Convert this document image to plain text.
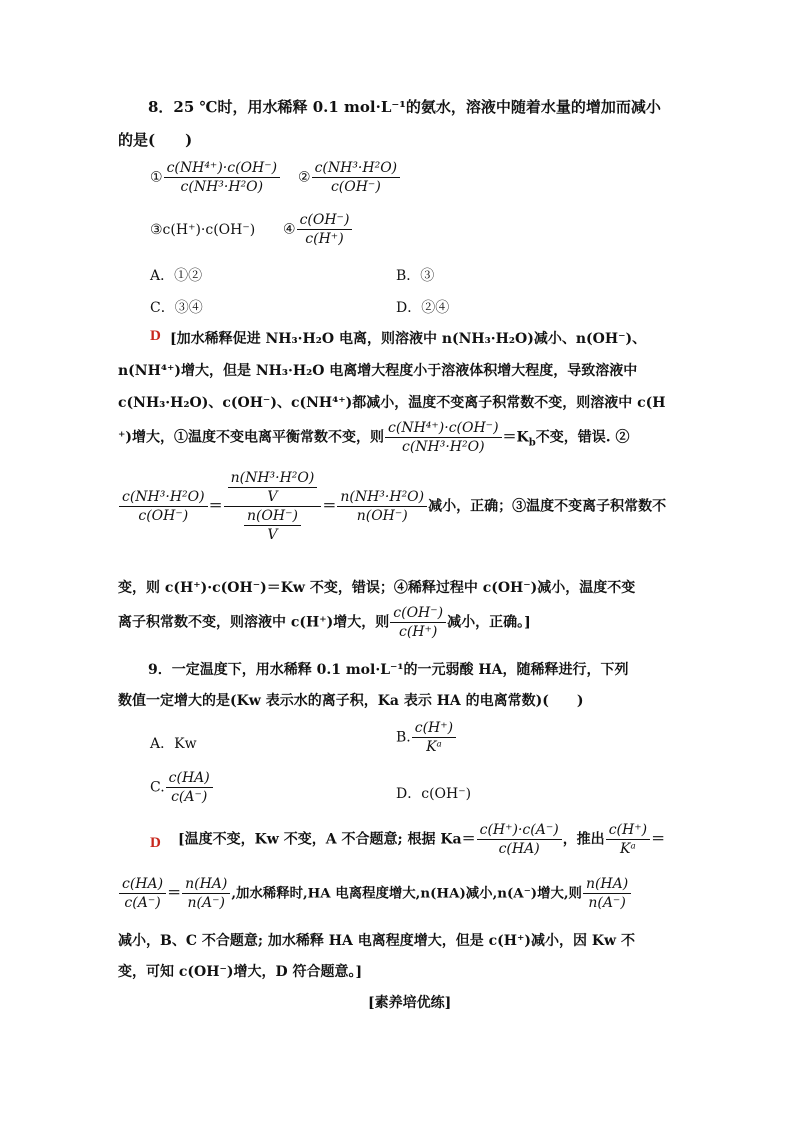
8．25 ℃时，用水稀释 0.1 mol·L⁻¹的氨水，溶液中随着水量的增加而减小
的是(　　)
① $\frac{\text{c(NH⁴⁺)·c(OH⁻)}}{\text{c(NH³·H²O)}}$ ② $\frac{\text{c(NH³·H²O)}}{c(OH^-)}$
③c(H⁺)·c(OH⁻) ④ $\frac{c(OH^-)}{c(H^+)}$
A．①②	B．③
C．③④	D．②④
D [加水稀释促进 NH₃·H₂O 电离，则溶液中 n(NH₃·H₂O)减小、n(OH⁻)、
n(NH⁴⁺)增大，但是 NH₃·H₂O 电离增大程度小于溶液体积增大程度，导致溶液中
c(NH₃·H₂O)、c(OH⁻)、c(NH⁴⁺)都减小，温度不变离子积常数不变，则溶液中 c(H
⁺)增大，①温度不变电离平衡常数不变，则 $\frac{\text{c(NH⁴⁺)·c(OH⁻)}}{\text{c(NH³·H²O)}} =K_b$不变，错误. ②
$\frac{\text{c(NH³·H²O)}}{c(OH^-)} = \frac{\frac{\text{n(NH³·H²O)}}{V}}{\frac{n(OH^-)}{V}} = \frac{\text{n(NH³·H²O)}}{n(OH^-)}$ 减小，正确；③温度不变离子积常数不
变，则 c(H⁺)·c(OH⁻)＝Kw 不变，错误；④稀释过程中 c(OH⁻)减小，温度不变
离子积常数不变，则溶液中 c(H⁺)增大，则 $\frac{c(OH^-)}{c(H^+)}$ 减小，正确。]
9．一定温度下，用水稀释 0.1 mol·L⁻¹的一元弱酸 HA，随稀释进行，下列
数值一定增大的是(Kw 表示水的离子积，Ka 表示 HA 的电离常数)(　　)
A．Kw	B. $\frac{c(H^+)}{\text{Kᵃ}}$
C. $\frac{c(HA)}{c(A^-)}$	D．c(OH⁻)
D [温度不变，Kw 不变，A 不合题意; 根据 $Ka= \frac{c(H^+)\cdot c(A^-)}{c(HA)}$ ，推出 $\frac{c(H^+)}{\text{Kᵃ}}$ ＝
$\frac{c(HA)}{c(A^-)} = \frac{n(HA)}{n(A^-)}$ ,加水稀释时,HA 电离程度增大,n(HA)减小,n(A⁻)增大,则 $\frac{n(HA)}{n(A^-)}$
减小，B、C 不合题意; 加水稀释 HA 电离程度增大，但是 c(H⁺)减小，因 Kw 不
变，可知 c(OH⁻)增大，D 符合题意。]
[素养培优练]
